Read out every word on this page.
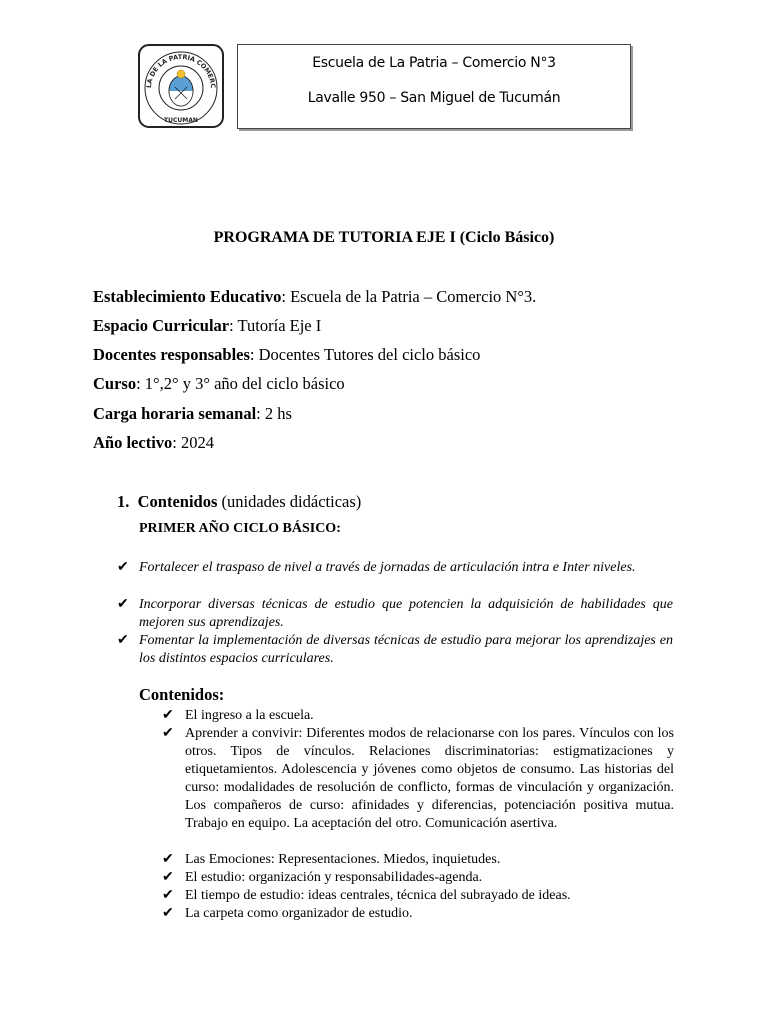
LA DE LA PATRIA COMERC
TUCUMAN
Escuela de La Patria – Comercio N°3
Lavalle 950 – San Miguel de Tucumán
PROGRAMA DE TUTORIA EJE I (Ciclo Básico)
Establecimiento Educativo: Escuela de la Patria – Comercio N°3.
Espacio Curricular: Tutoría Eje I
Docentes responsables: Docentes Tutores del ciclo básico
Curso: 1°,2° y 3° año del ciclo básico
Carga horaria semanal: 2 hs
Año lectivo: 2024
1. Contenidos (unidades didácticas)
PRIMER AÑO CICLO BÁSICO:
✔ Fortalecer el traspaso de nivel a través de jornadas de articulación intra e Inter niveles.
✔ Incorporar diversas técnicas de estudio que potencien la adquisición de habilidades que mejoren sus aprendizajes.
✔ Fomentar la implementación de diversas técnicas de estudio para mejorar los aprendizajes en los distintos espacios curriculares.
Contenidos:
✔ El ingreso a la escuela.
✔ Aprender a convivir: Diferentes modos de relacionarse con los pares. Vínculos con los otros. Tipos de vínculos. Relaciones discriminatorias: estigmatizaciones y etiquetamientos. Adolescencia y jóvenes como objetos de consumo. Las historias del curso: modalidades de resolución de conflicto, formas de vinculación y organización. Los compañeros de curso: afinidades y diferencias, potenciación positiva mutua. Trabajo en equipo. La aceptación del otro. Comunicación asertiva.
✔ Las Emociones: Representaciones. Miedos, inquietudes.
✔ El estudio: organización y responsabilidades-agenda.
✔ El tiempo de estudio: ideas centrales, técnica del subrayado de ideas.
✔ La carpeta como organizador de estudio.
